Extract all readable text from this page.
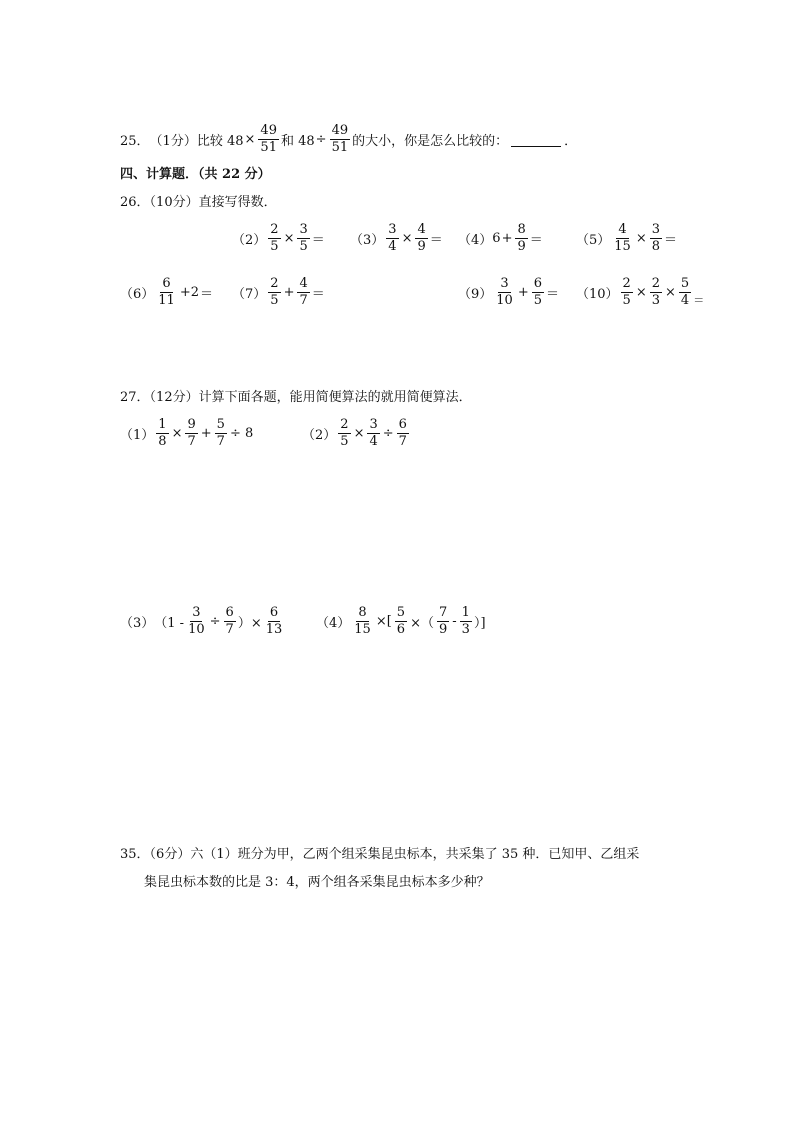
25． （1分） 比较 $48 \times \frac{49}{51}$ 和 $48 \div \frac{49}{51}$ 的大小，你是怎么比较的：	．
四、计算题．（共 22 分）
26．（10分）直接写得数．
$(2) \frac{2}{5} \times \frac{3}{5} = (3) \frac{3}{4} \times \frac{4}{9} = (4) 6 + \frac{8}{9}$ ＝	$(5) \frac{4}{15} \times \frac{3}{8}$ ＝
$(6) \frac{6}{11} +2 = (7) \frac{2}{5} + \frac{4}{7}$ ＝	$(9) \frac{3}{10} + \frac{6}{5} = (10) \frac{2}{5} \times \frac{2}{3} \times \frac{5}{4}$ ＝
27．（12分）计算下面各题，能用简便算法的就用简便算法．
$(1) \frac{1}{8} \times \frac{9}{7} + \frac{5}{7} \div 8$	$(2) \frac{2}{5} \times \frac{3}{4} \div \frac{6}{7}$
（3） （$1 - \frac{3}{10} \div \frac{6}{7}$ ）× $\frac{6}{13} (4) \frac{8}{15}$ ×[ $\frac{5}{6}$ ×（ $\frac{7}{9} - \frac{1}{3}$ ）]
35．（6分）六（1）班分为甲，乙两个组采集昆虫标本，共采集了 35 种．已知甲、乙组采
集昆虫标本数的比是 3：4，两个组各采集昆虫标本多少种？
